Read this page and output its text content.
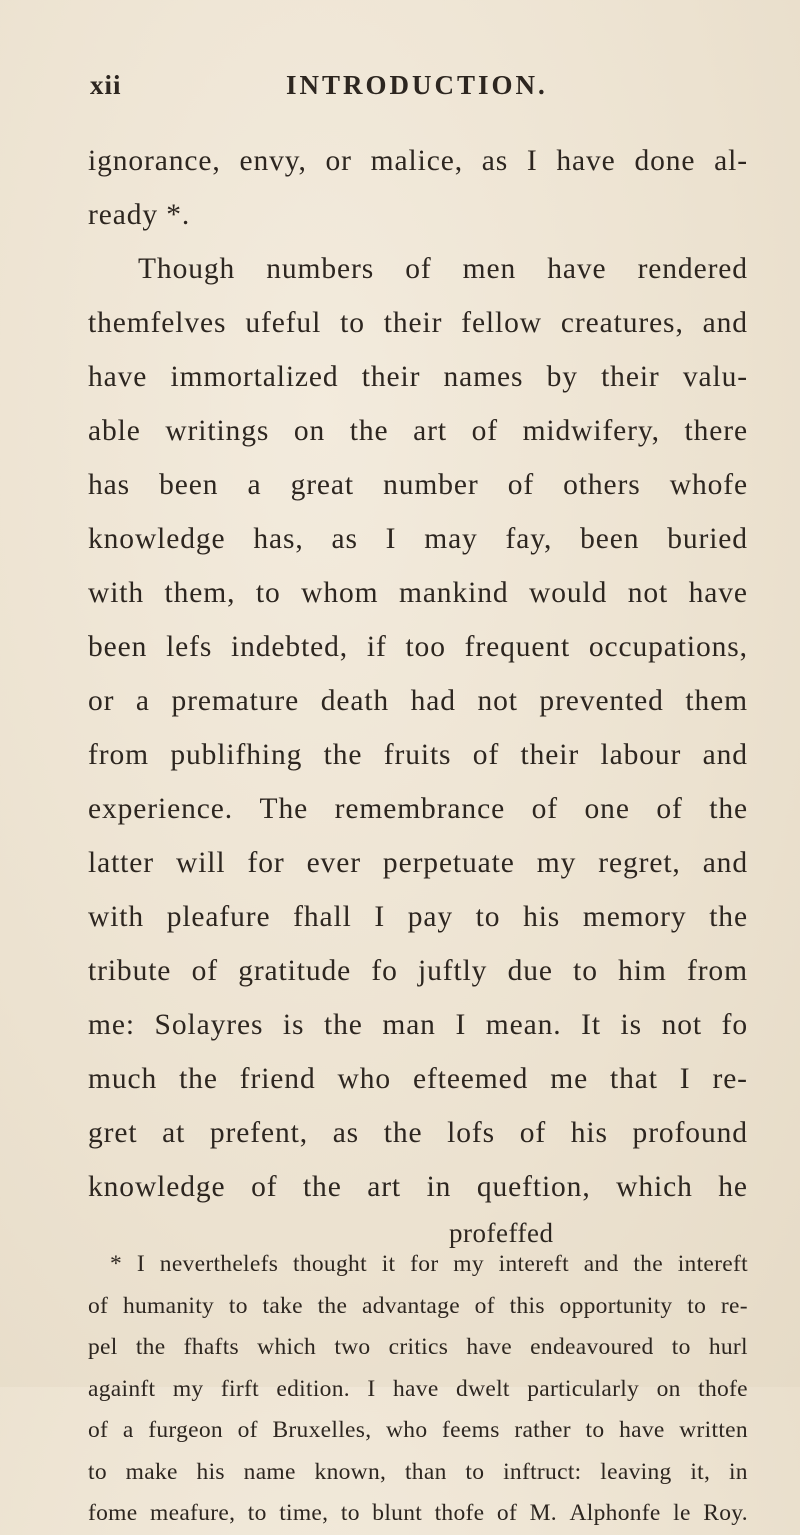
xii	INTRODUCTION.
ignorance, envy, or malice, as I have done al-
ready *.
Though numbers of men have rendered
themfelves ufeful to their fellow creatures, and
have immortalized their names by their valu-
able writings on the art of midwifery, there
has been a great number of others whofe
knowledge has, as I may fay, been buried
with them, to whom mankind would not have
been lefs indebted, if too frequent occupations,
or a premature death had not prevented them
from publifhing the fruits of their labour and
experience. The remembrance of one of the
latter will for ever perpetuate my regret, and
with pleafure fhall I pay to his memory the
tribute of gratitude fo juftly due to him from
me: Solayres is the man I mean. It is not fo
much the friend who efteemed me that I re-
gret at prefent, as the lofs of his profound
knowledge of the art in queftion, which he
* I neverthelefs thought it for my intereft and the intereft
of humanity to take the advantage of this opportunity to re-
pel the fhafts which two critics have endeavoured to hurl
againft my firft edition. I have dwelt particularly on thofe
of a furgeon of Bruxelles, who feems rather to have written
to make his name known, than to inftruct: leaving it, in
fome meafure, to time, to blunt thofe of M. Alphonfe le Roy.
profeffed
